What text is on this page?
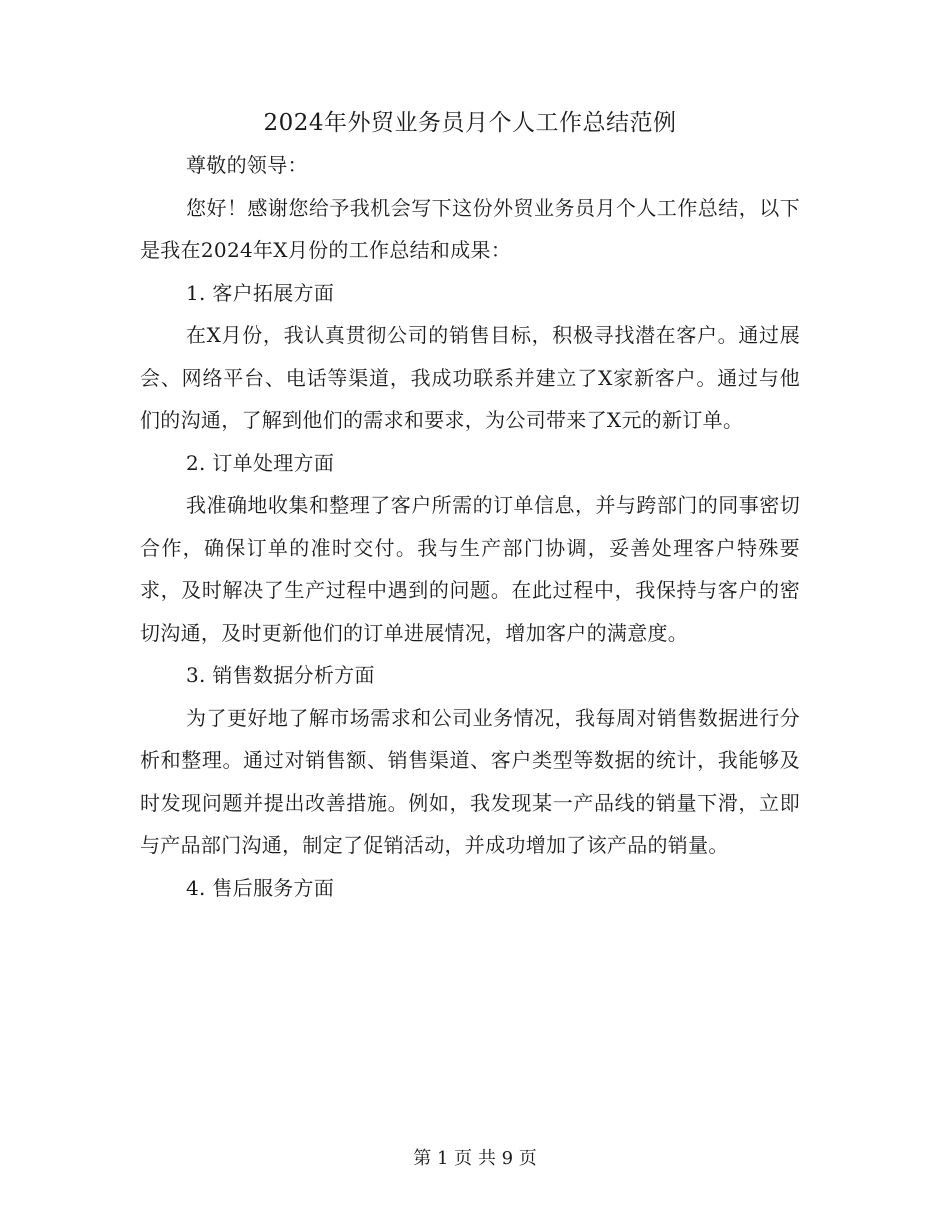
2024年外贸业务员月个人工作总结范例

尊敬的领导：

您好！感谢您给予我机会写下这份外贸业务员月个人工作总结，以下是我在2024年X月份的工作总结和成果：

1. 客户拓展方面

在X月份，我认真贯彻公司的销售目标，积极寻找潜在客户。通过展会、网络平台、电话等渠道，我成功联系并建立了X家新客户。通过与他们的沟通，了解到他们的需求和要求，为公司带来了X元的新订单。

2. 订单处理方面

我准确地收集和整理了客户所需的订单信息，并与跨部门的同事密切合作，确保订单的准时交付。我与生产部门协调，妥善处理客户特殊要求，及时解决了生产过程中遇到的问题。在此过程中，我保持与客户的密切沟通，及时更新他们的订单进展情况，增加客户的满意度。

3. 销售数据分析方面

为了更好地了解市场需求和公司业务情况，我每周对销售数据进行分析和整理。通过对销售额、销售渠道、客户类型等数据的统计，我能够及时发现问题并提出改善措施。例如，我发现某一产品线的销量下滑，立即与产品部门沟通，制定了促销活动，并成功增加了该产品的销量。

4. 售后服务方面

第 1 页 共 9 页
